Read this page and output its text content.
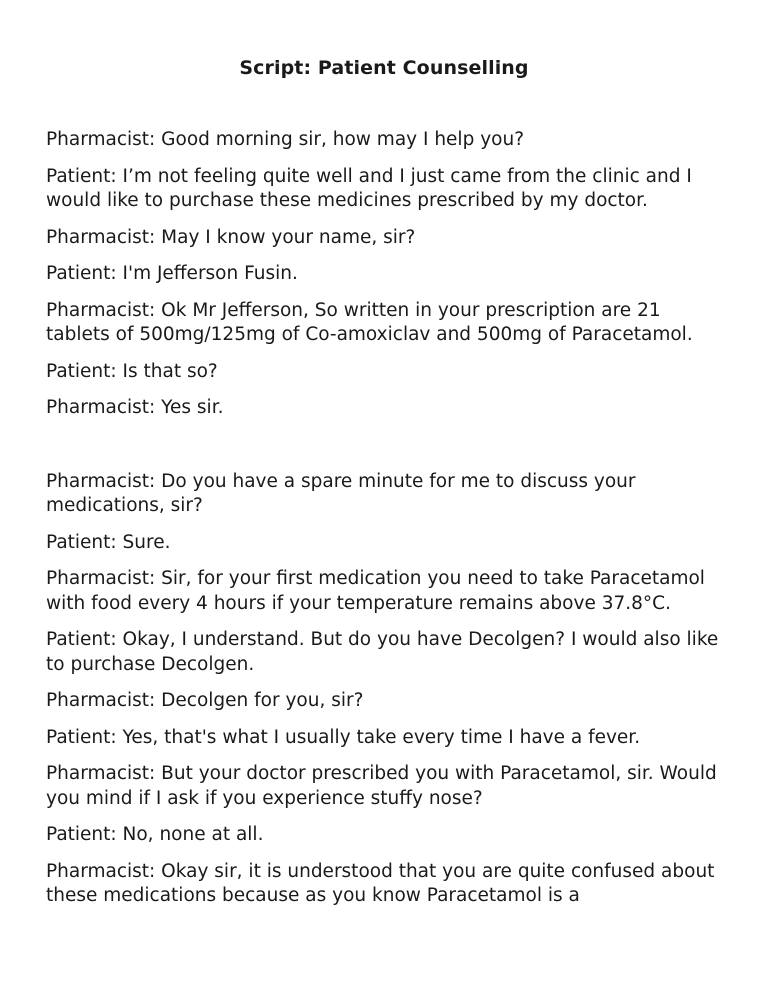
Script: Patient Counselling

Pharmacist: Good morning sir, how may I help you?

Patient: I’m not feeling quite well and I just came from the clinic and I would like to purchase these medicines prescribed by my doctor.

Pharmacist: May I know your name, sir?

Patient: I'm Jefferson Fusin.

Pharmacist: Ok Mr Jefferson, So written in your prescription are 21 tablets of 500mg/125mg of Co-amoxiclav and 500mg of Paracetamol.

Patient: Is that so?

Pharmacist: Yes sir.

Pharmacist: Do you have a spare minute for me to discuss your medications, sir?

Patient: Sure.

Pharmacist: Sir, for your first medication you need to take Paracetamol with food every 4 hours if your temperature remains above 37.8°C.

Patient: Okay, I understand. But do you have Decolgen? I would also like to purchase Decolgen.

Pharmacist: Decolgen for you, sir?

Patient: Yes, that's what I usually take every time I have a fever.

Pharmacist: But your doctor prescribed you with Paracetamol, sir. Would you mind if I ask if you experience stuffy nose?

Patient: No, none at all.

Pharmacist: Okay sir, it is understood that you are quite confused about these medications because as you know Paracetamol is a
